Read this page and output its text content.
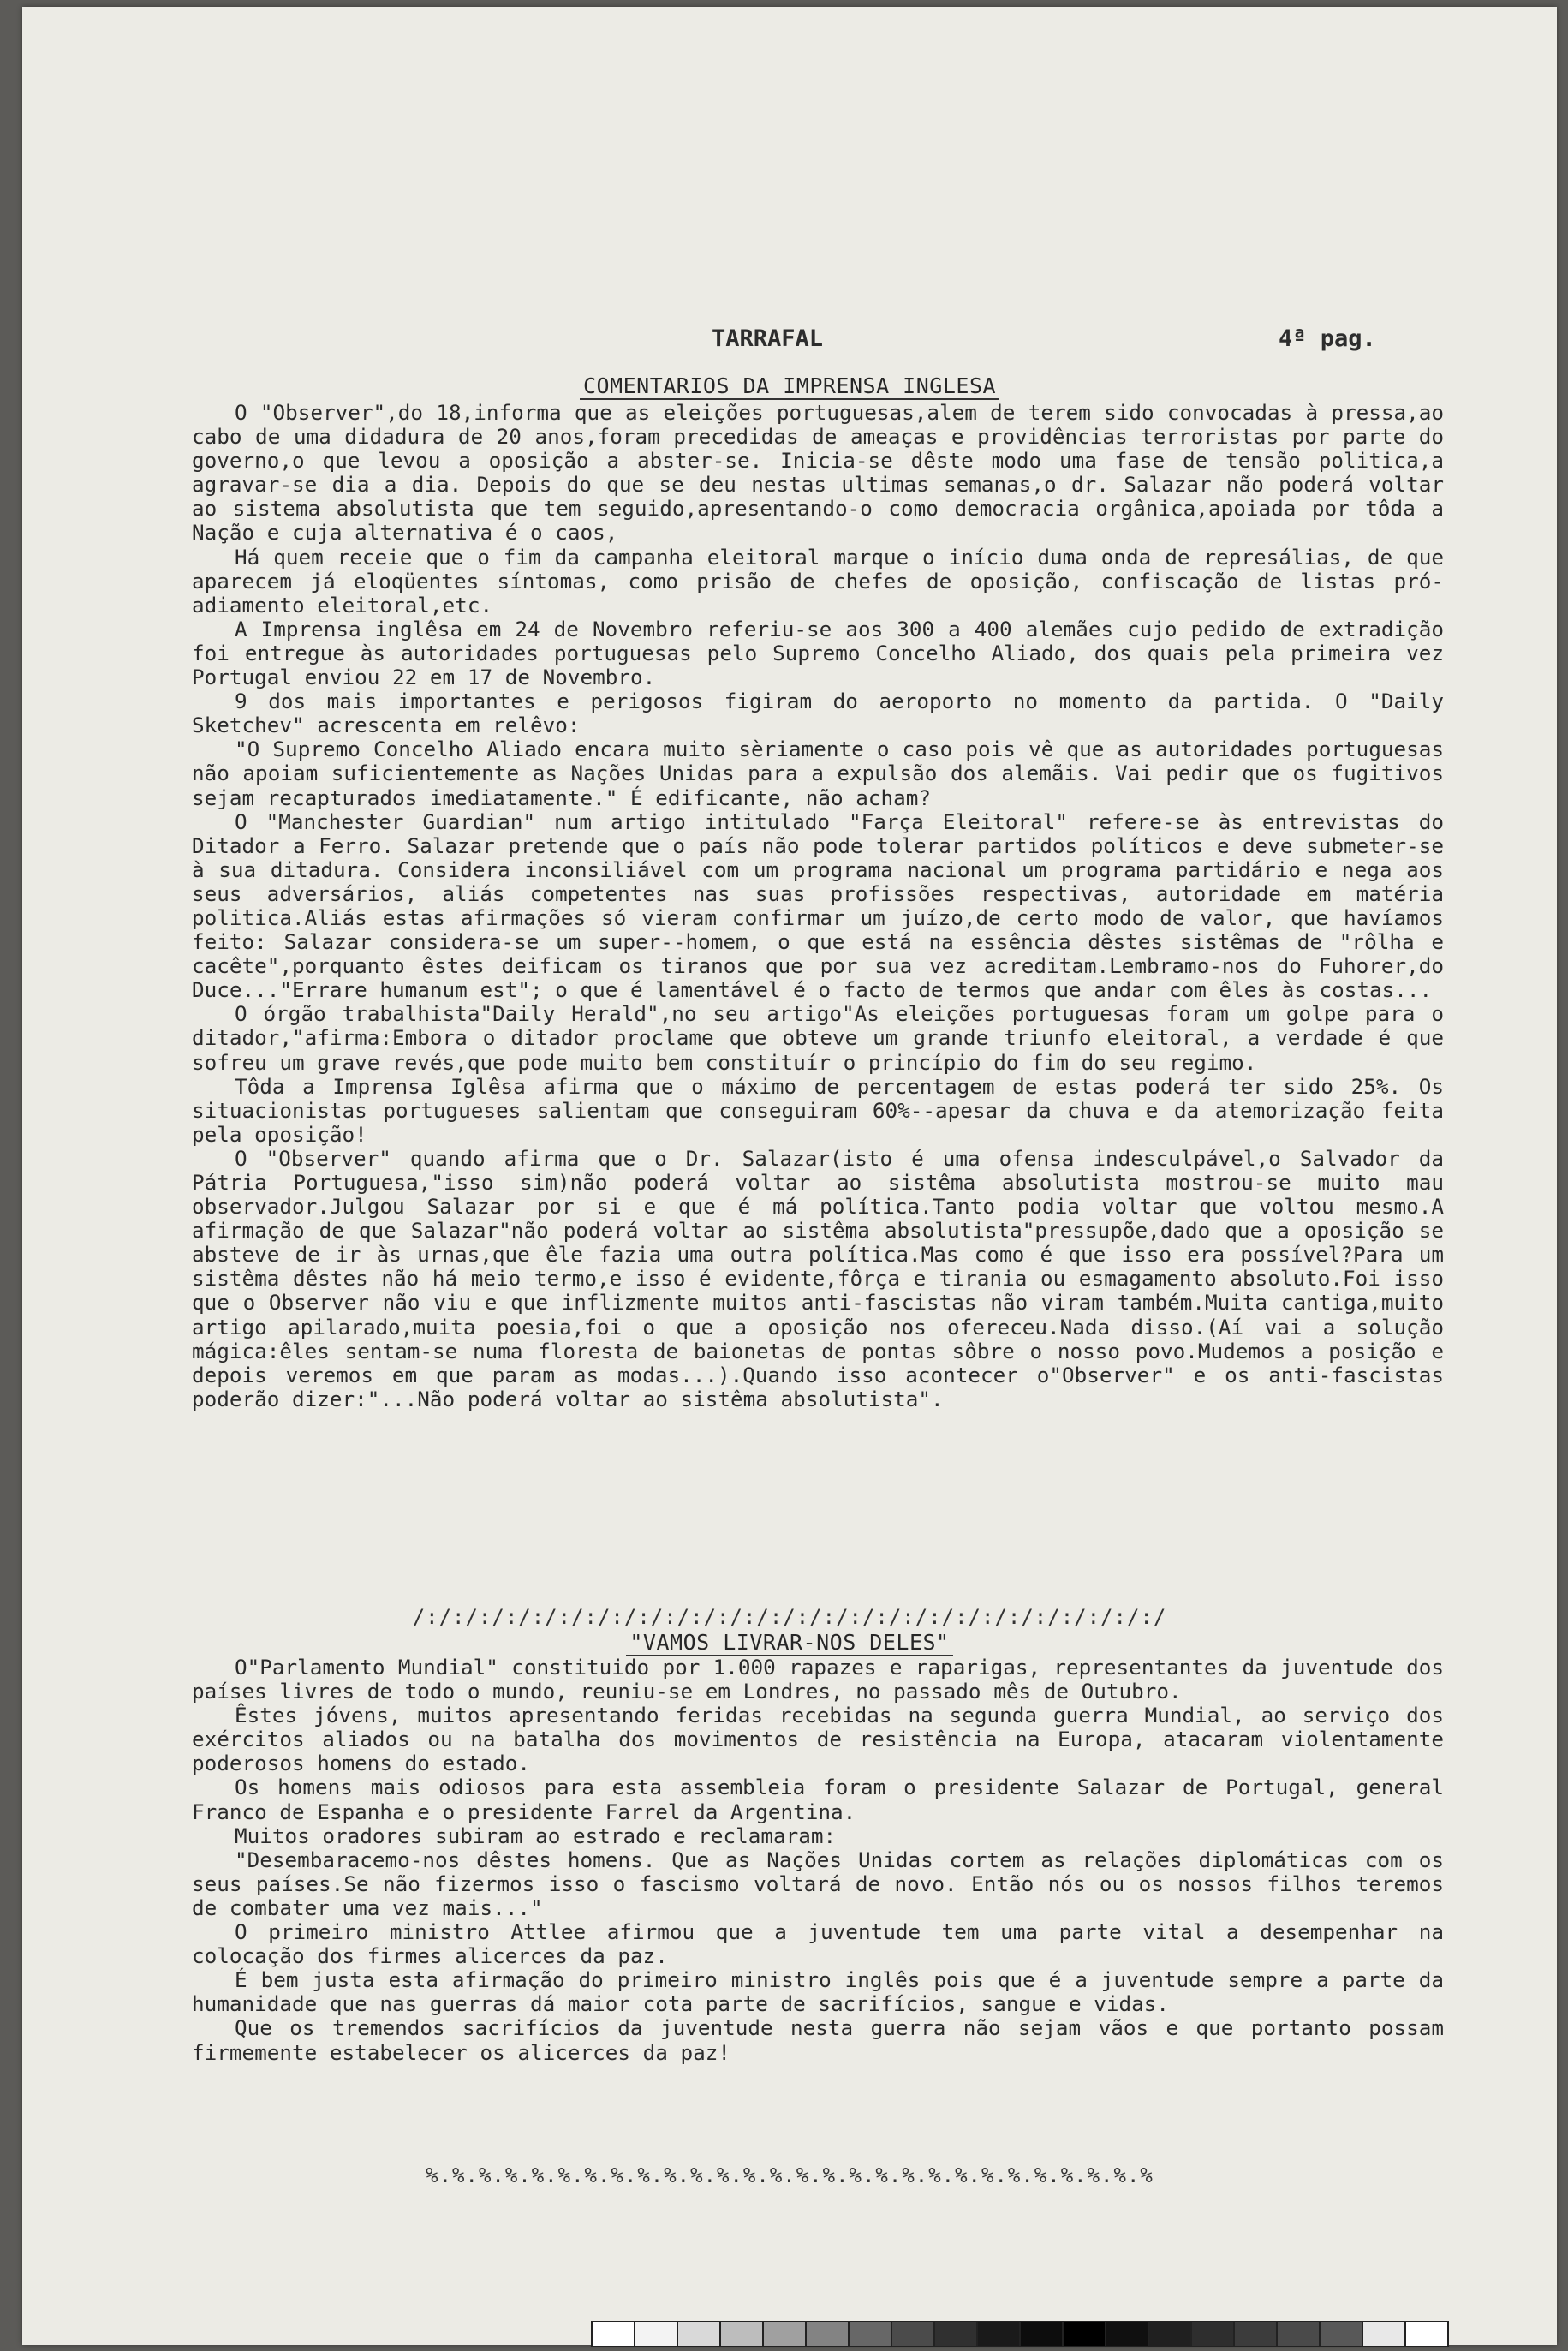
TARRAFAL	4ª pag.
COMENTARIOS DA IMPRENSA INGLESA

O "Observer",do 18,informa que as eleições portuguesas,alem de terem sido convocadas à pressa,ao cabo de uma didadura de 20 anos,foram precedidas de ameaças e providências terroristas por parte do governo,o que levou a oposição a abster-se. Inicia-se dêste modo uma fase de tensão politica,a agravar-se dia a dia. Depois do que se deu nestas ultimas semanas,o dr. Salazar não poderá voltar ao sistema absolutista que tem seguido,apresentando-o como democracia orgânica,apoiada por tôda a Nação e cuja alternativa é o caos,

Há quem receie que o fim da campanha eleitoral marque o início duma onda de represálias, de que aparecem já eloqüentes síntomas, como prisão de chefes de oposição, confiscação de listas pró-adiamento eleitoral,etc.

A Imprensa inglêsa em 24 de Novembro referiu-se aos 300 a 400 alemães cujo pedido de extradição foi entregue às autoridades portuguesas pelo Supremo Concelho Aliado, dos quais pela primeira vez Portugal enviou 22 em 17 de Novembro.

9 dos mais importantes e perigosos figiram do aeroporto no momento da partida. O "Daily Sketchev" acrescenta em relêvo:

"O Supremo Concelho Aliado encara muito sèriamente o caso pois vê que as autoridades portuguesas não apoiam suficientemente as Nações Unidas para a expulsão dos alemãis. Vai pedir que os fugitivos sejam recapturados imediatamente." É edificante, não acham?

O "Manchester Guardian" num artigo intitulado "Farça Eleitoral" refere-se às entrevistas do Ditador a Ferro. Salazar pretende que o país não pode tolerar partidos políticos e deve submeter-se à sua ditadura. Considera inconsiliável com um programa nacional um programa partidário e nega aos seus adversários, aliás competentes nas suas profissões respectivas, autoridade em matéria politica.Aliás estas afirmações só vieram confirmar um juízo,de certo modo de valor, que havíamos feito: Salazar considera-se um super--homem, o que está na essência dêstes sistêmas de "rôlha e cacête",porquanto êstes deificam os tiranos que por sua vez acreditam.Lembramo-nos do Fuhorer,do Duce..."Errare humanum est"; o que é lamentável é o facto de termos que andar com êles às costas...

O órgão trabalhista"Daily Herald",no seu artigo"As eleições portuguesas foram um golpe para o ditador,"afirma:Embora o ditador proclame que obteve um grande triunfo eleitoral, a verdade é que sofreu um grave revés,que pode muito bem constituír o princípio do fim do seu regimo.

Tôda a Imprensa Iglêsa afirma que o máximo de percentagem de estas poderá ter sido 25%. Os situacionistas portugueses salientam que conseguiram 60%--apesar da chuva e da atemorização feita pela oposição!

O "Observer" quando afirma que o Dr. Salazar(isto é uma ofensa indesculpável,o Salvador da Pátria Portuguesa,"isso sim)não poderá voltar ao sistêma absolutista mostrou-se muito mau observador.Julgou Salazar por si e que é má política.Tanto podia voltar que voltou mesmo.A afirmação de que Salazar"não poderá voltar ao sistêma absolutista"pressupõe,dado que a oposição se absteve de ir às urnas,que êle fazia uma outra política.Mas como é que isso era possível?Para um sistêma dêstes não há meio termo,e isso é evidente,fôrça e tirania ou esmagamento absoluto.Foi isso que o Observer não viu e que inflizmente muitos anti-fascistas não viram também.Muita cantiga,muito artigo apilarado,muita poesia,foi o que a oposição nos ofereceu.Nada disso.(Aí vai a solução mágica:êles sentam-se numa floresta de baionetas de pontas sôbre o nosso povo.Mudemos a posição e depois veremos em que param as modas...).Quando isso acontecer o"Observer" e os anti-fascistas poderão dizer:"...Não poderá voltar ao sistêma absolutista".

/:/:/:/:/:/:/:/:/:/:/:/:/:/:/:/:/:/:/:/:/:/:/:/:/:/:/:/:/
"VAMOS LIVRAR-NOS DELES"

O"Parlamento Mundial" constituido por 1.000 rapazes e raparigas, representantes da juventude dos países livres de todo o mundo, reuniu-se em Londres, no passado mês de Outubro.

Êstes jóvens, muitos apresentando feridas recebidas na segunda guerra Mundial, ao serviço dos exércitos aliados ou na batalha dos movimentos de resistência na Europa, atacaram violentamente poderosos homens do estado.

Os homens mais odiosos para esta assembleia foram o presidente Salazar de Portugal, general Franco de Espanha e o presidente Farrel da Argentina.

Muitos oradores subiram ao estrado e reclamaram:

"Desembaracemo-nos dêstes homens. Que as Nações Unidas cortem as relações diplomáticas com os seus países.Se não fizermos isso o fascismo voltará de novo. Então nós ou os nossos filhos teremos de combater uma vez mais..."

O primeiro ministro Attlee afirmou que a juventude tem uma parte vital a desempenhar na colocação dos firmes alicerces da paz.

É bem justa esta afirmação do primeiro ministro inglês pois que é a juventude sempre a parte da humanidade que nas guerras dá maior cota parte de sacrifícios, sangue e vidas.

Que os tremendos sacrifícios da juventude nesta guerra não sejam vãos e que portanto possam firmemente estabelecer os alicerces da paz!

%.%.%.%.%.%.%.%.%.%.%.%.%.%.%.%.%.%.%.%.%.%.%.%.%.%.%.%
